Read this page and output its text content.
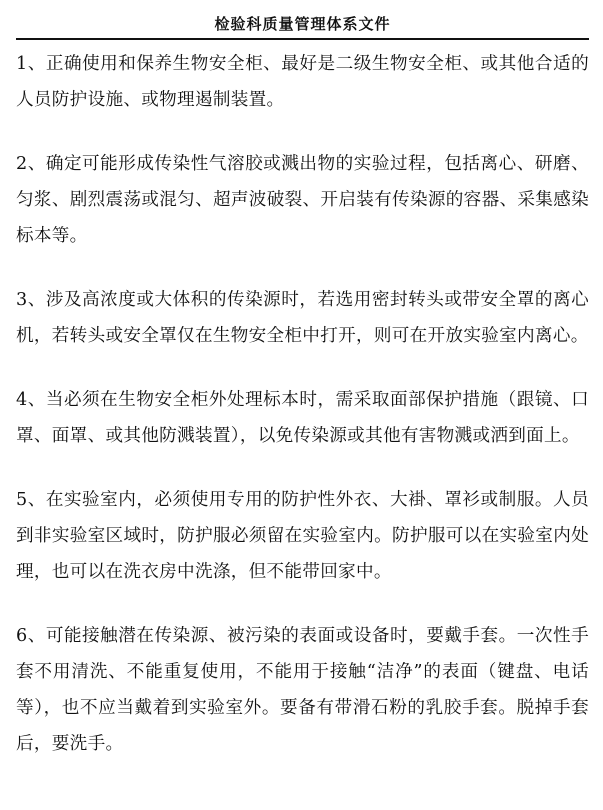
检验科质量管理体系文件

1、正确使用和保养生物安全柜、最好是二级生物安全柜、或其他合适的人员防护设施、或物理遏制装置。

2、确定可能形成传染性气溶胶或溅出物的实验过程，包括离心、研磨、匀浆、剧烈震荡或混匀、超声波破裂、开启装有传染源的容器、采集感染标本等。

3、涉及高浓度或大体积的传染源时，若选用密封转头或带安全罩的离心机，若转头或安全罩仅在生物安全柜中打开，则可在开放实验室内离心。

4、当必须在生物安全柜外处理标本时，需采取面部保护措施（跟镜、口罩、面罩、或其他防溅装置），以免传染源或其他有害物溅或洒到面上。

5、在实验室内，必须使用专用的防护性外衣、大褂、罩衫或制服。人员到非实验室区域时，防护服必须留在实验室内。防护服可以在实验室内处理，也可以在洗衣房中洗涤，但不能带回家中。

6、可能接触潜在传染源、被污染的表面或设备时，要戴手套。一次性手套不用清洗、不能重复使用，不能用于接触“洁净”的表面（键盘、电话等），也不应当戴着到实验室外。要备有带滑石粉的乳胶手套。脱掉手套后，要洗手。
